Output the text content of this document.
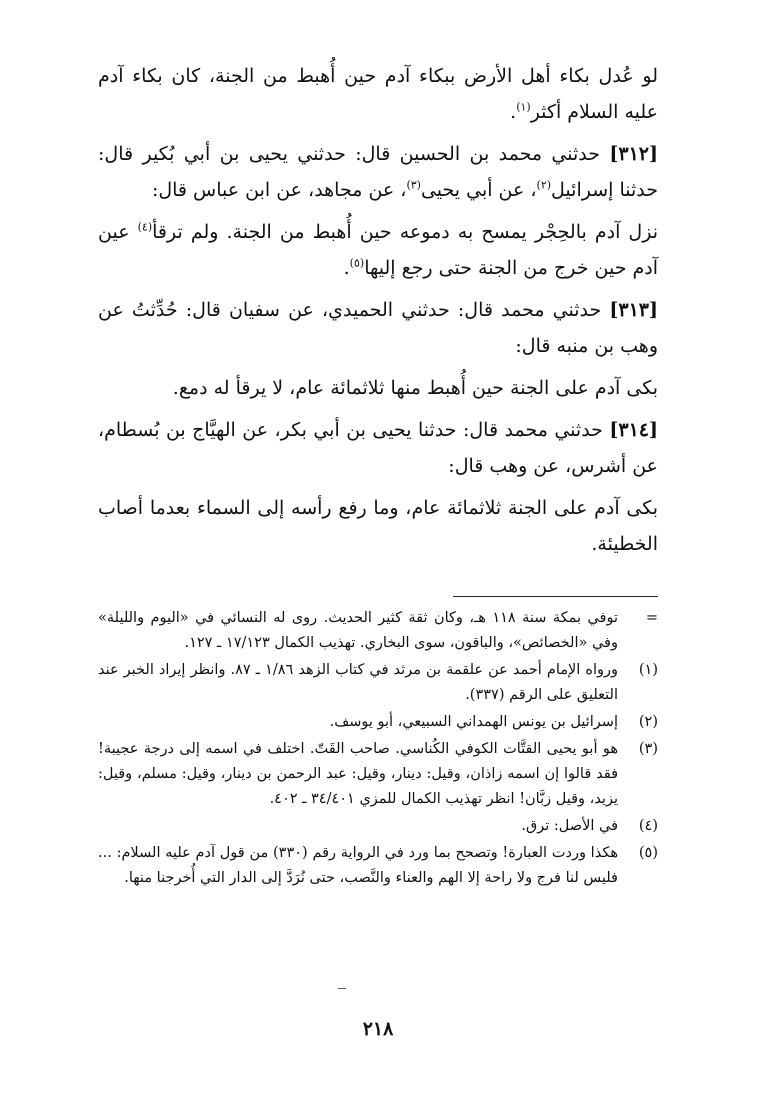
لو عُدل بكاء أهل الأرض ببكاء آدم حين أُهبط من الجنة، كان بكاء آدم عليه السلام أكثر$^{(١)}$.

[٣١٢] حدثني محمد بن الحسين قال: حدثني يحيى بن أبي بُكير قال: حدثنا إسرائيل$^{(٢)}$، عن أبي يحيى$^{(٣)}$، عن مجاهد، عن ابن عباس قال:

نزل آدم بالحِجْر يمسح به دموعه حين أُهبط من الجنة. ولم ترقأ$^{(٤)}$ عين آدم حين خرج من الجنة حتى رجع إليها$^{(٥)}$.

[٣١٣] حدثني محمد قال: حدثني الحميدي، عن سفيان قال: حُدِّثتُ عن وهب بن منبه قال:

بكى آدم على الجنة حين أُهبط منها ثلاثمائة عام، لا يرقأ له دمع.

[٣١٤] حدثني محمد قال: حدثنا يحيى بن أبي بكر، عن الهيَّاج بن بُسطام، عن أشرس، عن وهب قال:

بكى آدم على الجنة ثلاثمائة عام، وما رفع رأسه إلى السماء بعدما أصاب الخطيئة.

=
توفي بمكة سنة ١١٨ هـ، وكان ثقة كثير الحديث. روى له النسائي في «اليوم والليلة» وفي «الخصائص»، والباقون، سوى البخاري. تهذيب الكمال ١٧/١٢٣ ـ ١٢٧.
(١)
ورواه الإمام أحمد عن علقمة بن مرثد في كتاب الزهد ١/٨٦ ـ ٨٧. وانظر إيراد الخبر عند التعليق على الرقم (٣٣٧).
(٢)
إسرائيل بن يونس الهمداني السبيعي، أبو يوسف.
(٣)
هو أبو يحيى القتَّات الكوفي الكُناسي. صاحب القَتّ. اختلف في اسمه إلى درجة عجيبة! فقد قالوا إن اسمه زاذان، وقيل: دينار، وقيل: عبد الرحمن بن دينار، وقيل: مسلم، وقيل: يزيد، وقيل زبَّان! انظر تهذيب الكمال للمزي ٣٤/٤٠١ ـ ٤٠٢.
(٤)
في الأصل: ترق.
(٥)
هكذا وردت العبارة! وتصحح بما ورد في الرواية رقم (٣٣٠) من قول آدم عليه السلام: ... فليس لنا فرج ولا راحة إلا الهم والعناء والنَّصب، حتى نُرَدَّ إلى الدار التي أُخرجنا منها.
٢١٨
